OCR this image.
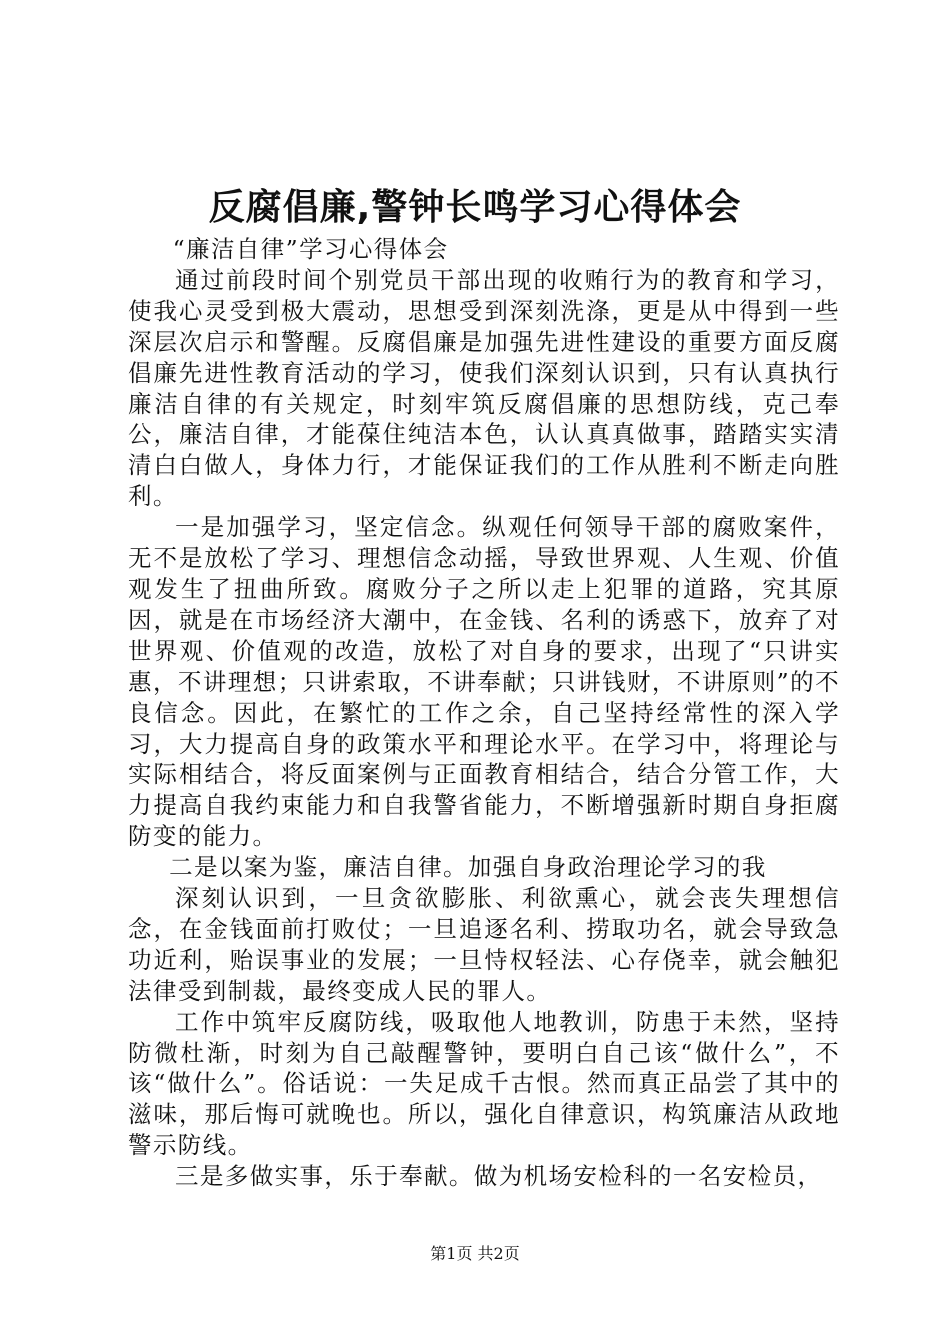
反腐倡廉,警钟长鸣学习心得体会

“廉洁自律”学习心得体会

通过前段时间个别党员干部出现的收贿行为的教育和学习，使我心灵受到极大震动，思想受到深刻洗涤，更是从中得到一些深层次启示和警醒。反腐倡廉是加强先进性建设的重要方面反腐倡廉先进性教育活动的学习，使我们深刻认识到，只有认真执行廉洁自律的有关规定，时刻牢筑反腐倡廉的思想防线，克己奉公，廉洁自律，才能葆住纯洁本色，认认真真做事，踏踏实实清清白白做人，身体力行，才能保证我们的工作从胜利不断走向胜利。

一是加强学习，坚定信念。纵观任何领导干部的腐败案件，无不是放松了学习、理想信念动摇，导致世界观、人生观、价值观发生了扭曲所致。腐败分子之所以走上犯罪的道路，究其原因，就是在市场经济大潮中，在金钱、名利的诱惑下，放弃了对世界观、价值观的改造，放松了对自身的要求，出现了“只讲实惠，不讲理想；只讲索取，不讲奉献；只讲钱财，不讲原则”的不良信念。因此，在繁忙的工作之余，自己坚持经常性的深入学习，大力提高自身的政策水平和理论水平。在学习中，将理论与实际相结合，将反面案例与正面教育相结合，结合分管工作，大力提高自我约束能力和自我警省能力，不断增强新时期自身拒腐防变的能力。

二是以案为鉴，廉洁自律。加强自身政治理论学习的我

深刻认识到，一旦贪欲膨胀、利欲熏心，就会丧失理想信念，在金钱面前打败仗；一旦追逐名利、捞取功名，就会导致急功近利，贻误事业的发展；一旦恃权轻法、心存侥幸，就会触犯法律受到制裁，最终变成人民的罪人。

工作中筑牢反腐防线，吸取他人地教训，防患于未然，坚持防微杜渐，时刻为自己敲醒警钟，要明白自己该“做什么”，不该“做什么”。俗话说：一失足成千古恨。然而真正品尝了其中的滋味，那后悔可就晚也。所以，强化自律意识，构筑廉洁从政地警示防线。

三是多做实事，乐于奉献。做为机场安检科的一名安检员，

第1页 共2页
